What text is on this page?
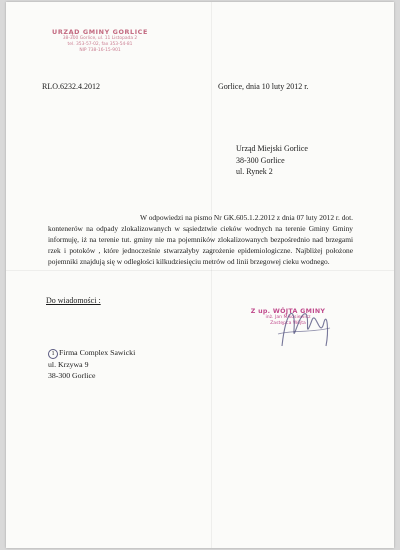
URZĄD GMINY GORLICE
38-300 Gorlice, ul. 11 Listopada 2
tel. 353-57-02, fax 353-54-81
NIP 738-16-15-901
RLO.6232.4.2012	Gorlice, dnia 10 luty 2012 r.
Urząd Miejski Gorlice
38-300 Gorlice
ul. Rynek 2

W odpowiedzi na pismo Nr GK.605.1.2.2012 z dnia 07 luty 2012 r. dot. kontenerów na odpady zlokalizowanych w sąsiedztwie cieków wodnych na terenie Gminy Gminy informuję, iż na terenie tut. gminy nie ma pojemników zlokalizowanych bezpośrednio nad brzegami rzek i potoków , które jednocześnie stwarzałyby zagrożenie epidemiologiczne. Najbliżej położone pojemniki znajdują się w odległości kilkudziesięciu metrów od linii brzegowej cieku wodnego.

Do wiadomości :
1 Firma Complex Sawicki
ul. Krzywa 9
38-300 Gorlice
Z up. WÓJTA GMINY
inż. Jan Mikosiewicz
Zastępca Wójta
